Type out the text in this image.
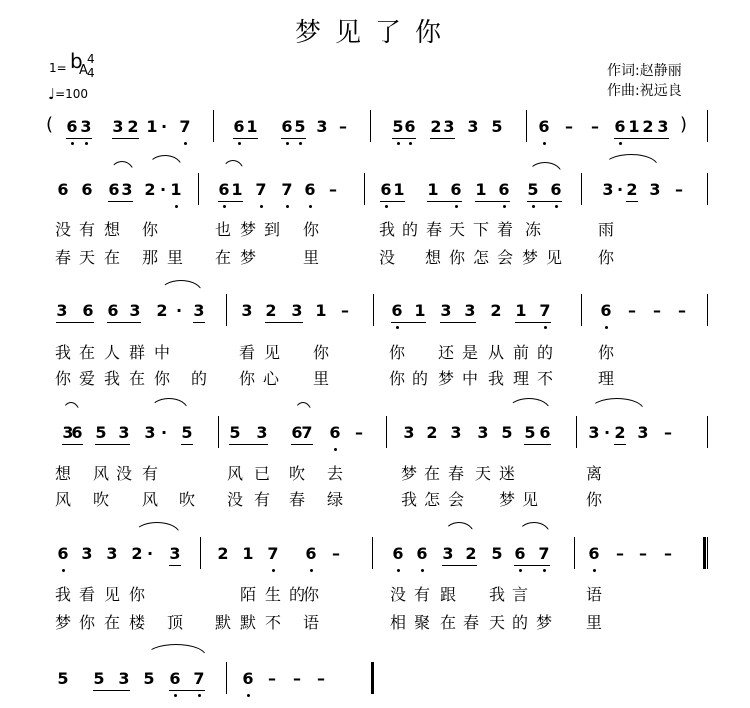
梦见了你
1= b
A
4
4
♩=100
作词:赵静丽
作曲:祝远良
(	)
6 3 3 2 1 · 7	6 1 6 5 3 –	5 6 2 3 3 5 6 – – 6 1 2 3
6 6 6 3 2 · 1 6 1 7 7 6 –	6 1 1 6 1 6 5 6	3 · 2 3 –
3 6 6 3 2 · 3 3 2 3 1 –	6 1 3 3 2 1 7	6 – – –
3
6 5 3 3 · 5 5 3 6
7 6 –	3 2 3 3 5 5 6 3 · 2 3 –
6 3 3 2 · 3 2 1 7 6 –	6 6 3 2 5 6 7 6 – – –
5 5 3 5 6 7 6 – – –
没 有 想 你	也 梦 到 你	我 的 春 天 下 着 冻	雨
春 天 在 那 里 在 梦	里	没 想 你 怎 会 梦 见 你
我 在 人 群 中	看 见 你	你 还 是 从 前 的	你
你 爱 我 在 你 的 你 心 里	你 的 梦 中 我 理 不	理
想 风 没 有	风 已 吹 去	梦 在 春 天 迷	离
风 吹 风 吹 没 有 春 绿	我 怎 会 梦 见	你
我 看 见 你	陌 生 的
你	没 有 跟 我 言	语
梦 你 在 楼 顶 默 默 不 语	相 聚 在 春 天 的 梦 里
